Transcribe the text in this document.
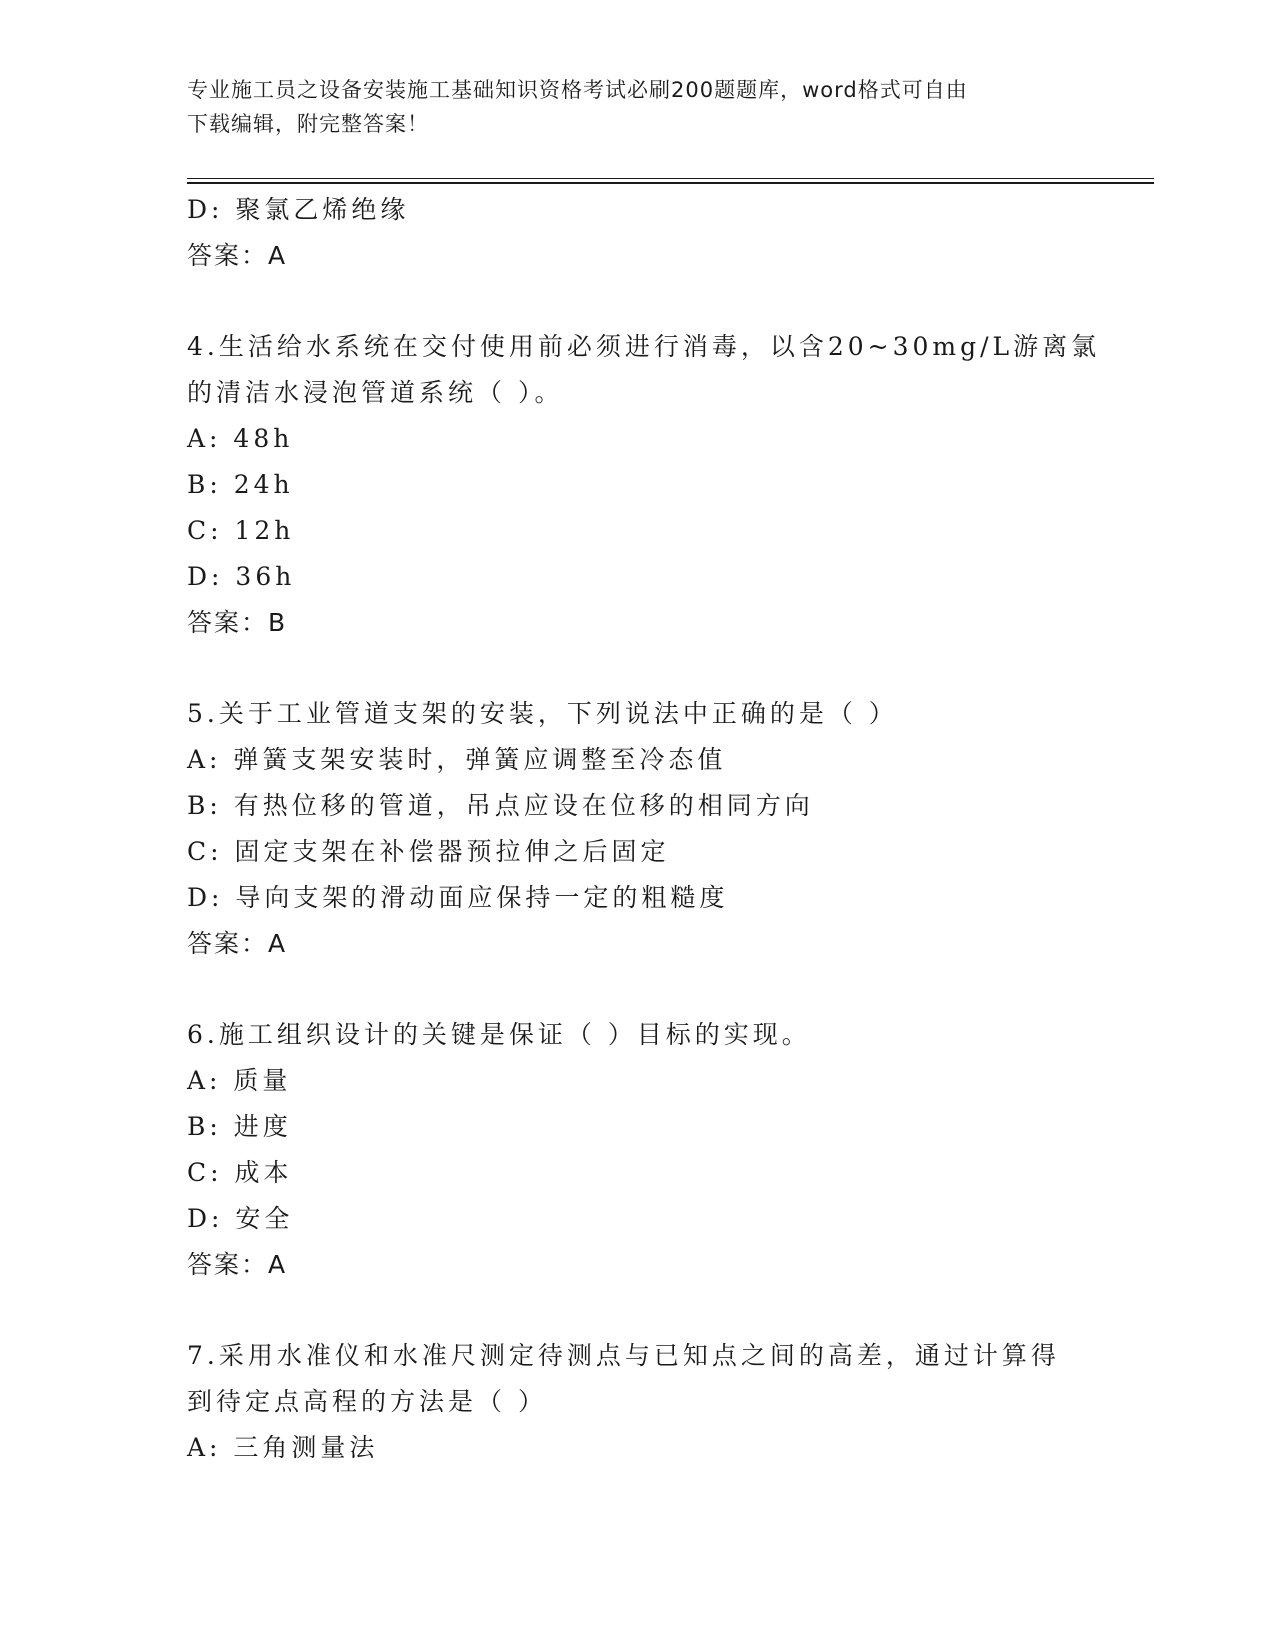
专业施工员之设备安装施工基础知识资格考试必刷200题题库，word格式可自由
下载编辑，附完整答案！
D: 聚氯乙烯绝缘
答案：A
4.生活给水系统在交付使用前必须进行消毒，以含20~30mg/L游离氯
的清洁水浸泡管道系统（ ）。
A: 48h
B: 24h
C: 12h
D: 36h
答案：B
5.关于工业管道支架的安装，下列说法中正确的是（ ）
A: 弹簧支架安装时，弹簧应调整至冷态值
B: 有热位移的管道，吊点应设在位移的相同方向
C: 固定支架在补偿器预拉伸之后固定
D: 导向支架的滑动面应保持一定的粗糙度
答案：A
6.施工组织设计的关键是保证（ ）目标的实现。
A: 质量
B: 进度
C: 成本
D: 安全
答案：A
7.采用水准仪和水准尺测定待测点与已知点之间的高差，通过计算得
到待定点高程的方法是（ ）
A: 三角测量法
